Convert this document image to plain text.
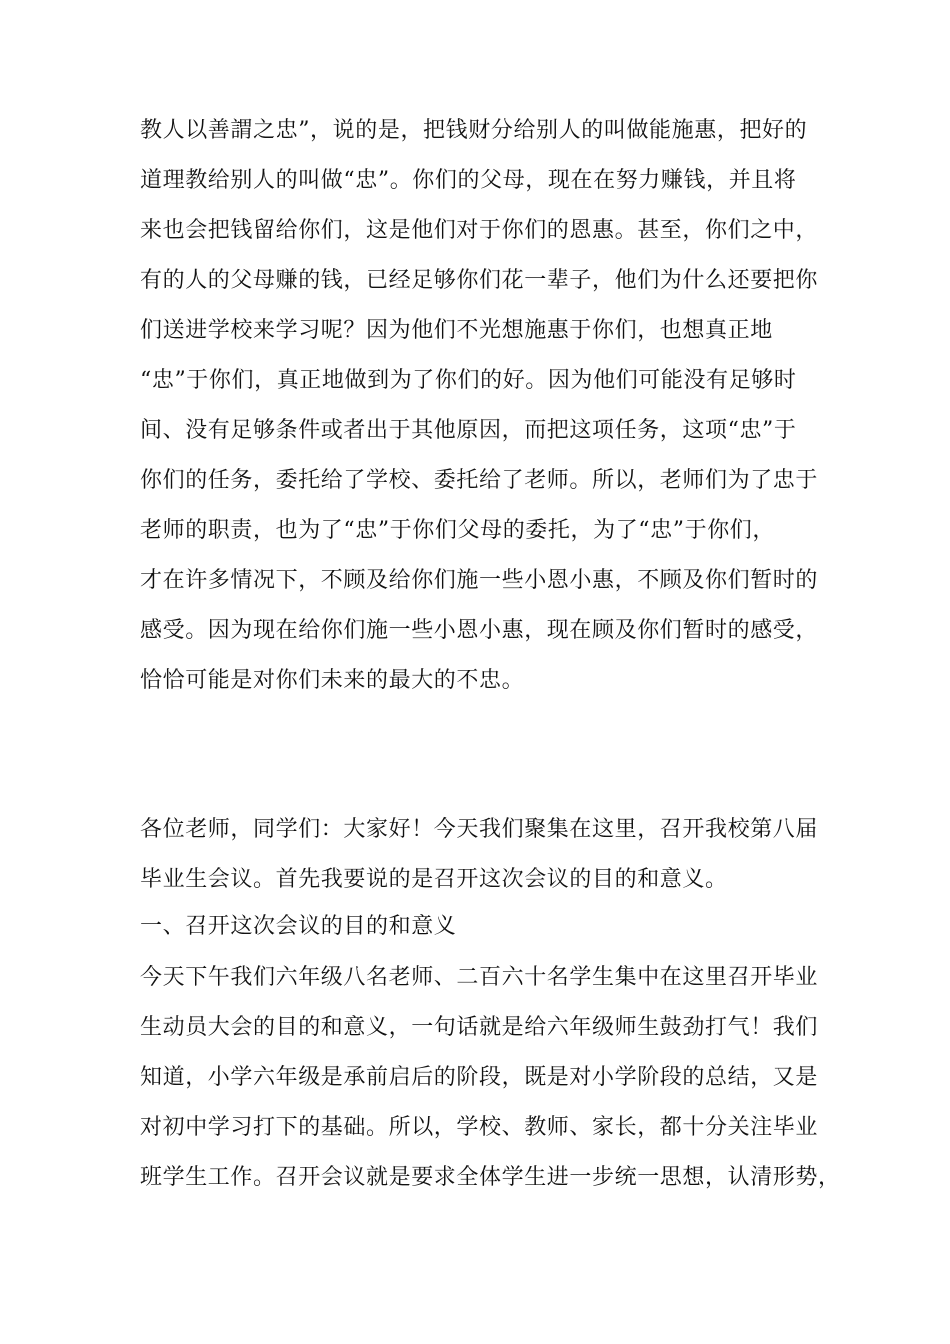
教人以善謂之忠”，说的是，把钱财分给别人的叫做能施惠，把好的
道理教给别人的叫做“忠”。你们的父母，现在在努力赚钱，并且将
来也会把钱留给你们，这是他们对于你们的恩惠。甚至，你们之中，
有的人的父母赚的钱，已经足够你们花一辈子，他们为什么还要把你
们送进学校来学习呢？因为他们不光想施惠于你们，也想真正地
“忠”于你们，真正地做到为了你们的好。因为他们可能没有足够时
间、没有足够条件或者出于其他原因，而把这项任务，这项“忠”于
你们的任务，委托给了学校、委托给了老师。所以，老师们为了忠于
老师的职责，也为了“忠”于你们父母的委托，为了“忠”于你们，
才在许多情况下，不顾及给你们施一些小恩小惠，不顾及你们暂时的
感受。因为现在给你们施一些小恩小惠，现在顾及你们暂时的感受，
恰恰可能是对你们未来的最大的不忠。
各位老师，同学们：大家好！今天我们聚集在这里，召开我校第八届
毕业生会议。首先我要说的是召开这次会议的目的和意义。
一、召开这次会议的目的和意义
今天下午我们六年级八名老师、二百六十名学生集中在这里召开毕业
生动员大会的目的和意义，一句话就是给六年级师生鼓劲打气！我们
知道，小学六年级是承前启后的阶段，既是对小学阶段的总结，又是
对初中学习打下的基础。所以，学校、教师、家长，都十分关注毕业
班学生工作。召开会议就是要求全体学生进一步统一思想，认清形势，
